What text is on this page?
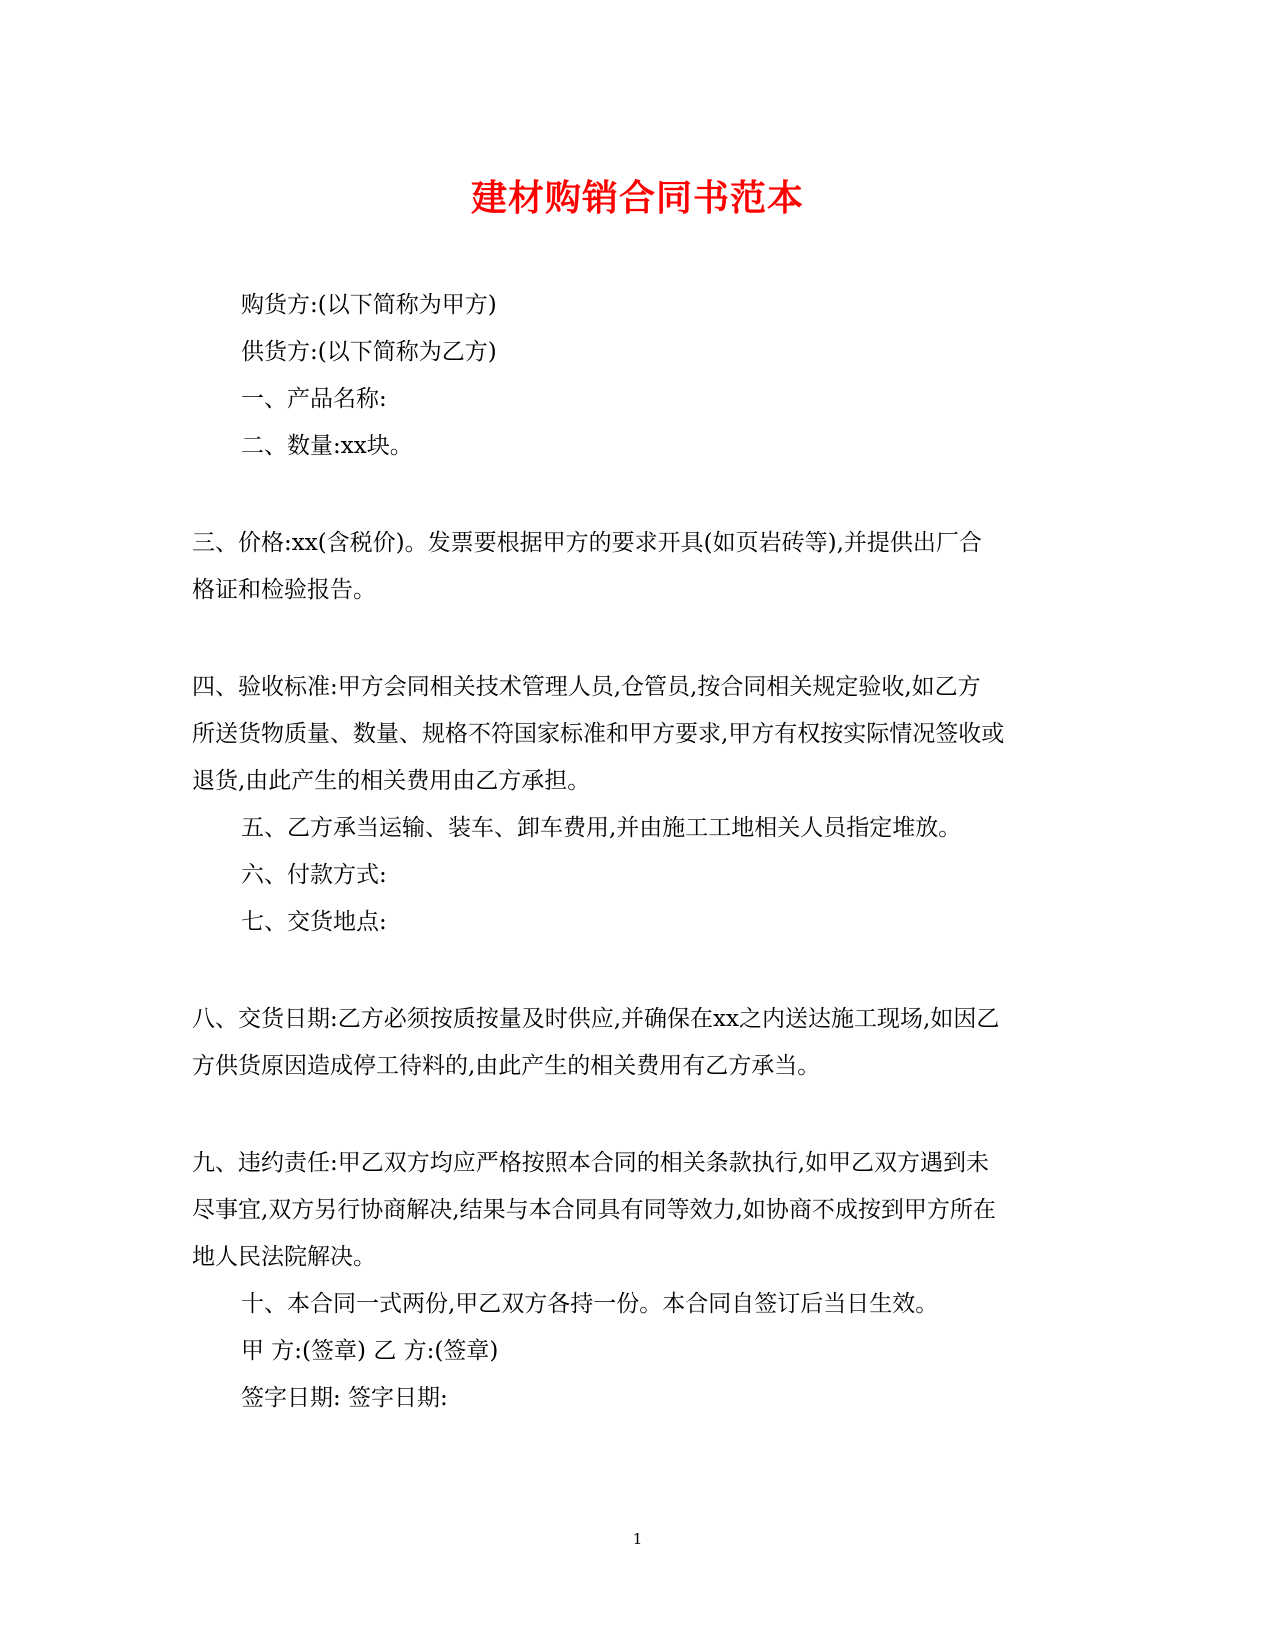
建材购销合同书范本
购货方:(以下简称为甲方)
供货方:(以下简称为乙方)
一、产品名称:
二、数量:xx块。
三、价格:xx(含税价)。发票要根据甲方的要求开具(如页岩砖等),并提供出厂合
格证和检验报告。
四、验收标准:甲方会同相关技术管理人员,仓管员,按合同相关规定验收,如乙方
所送货物质量、数量、规格不符国家标准和甲方要求,甲方有权按实际情况签收或
退货,由此产生的相关费用由乙方承担。
五、乙方承当运输、装车、卸车费用,并由施工工地相关人员指定堆放。
六、付款方式:
七、交货地点:
八、交货日期:乙方必须按质按量及时供应,并确保在xx之内送达施工现场,如因乙
方供货原因造成停工待料的,由此产生的相关费用有乙方承当。
九、违约责任:甲乙双方均应严格按照本合同的相关条款执行,如甲乙双方遇到未
尽事宜,双方另行协商解决,结果与本合同具有同等效力,如协商不成按到甲方所在
地人民法院解决。
十、本合同一式两份,甲乙双方各持一份。本合同自签订后当日生效。
甲 方:(签章) 乙 方:(签章)
签字日期: 签字日期:
1
